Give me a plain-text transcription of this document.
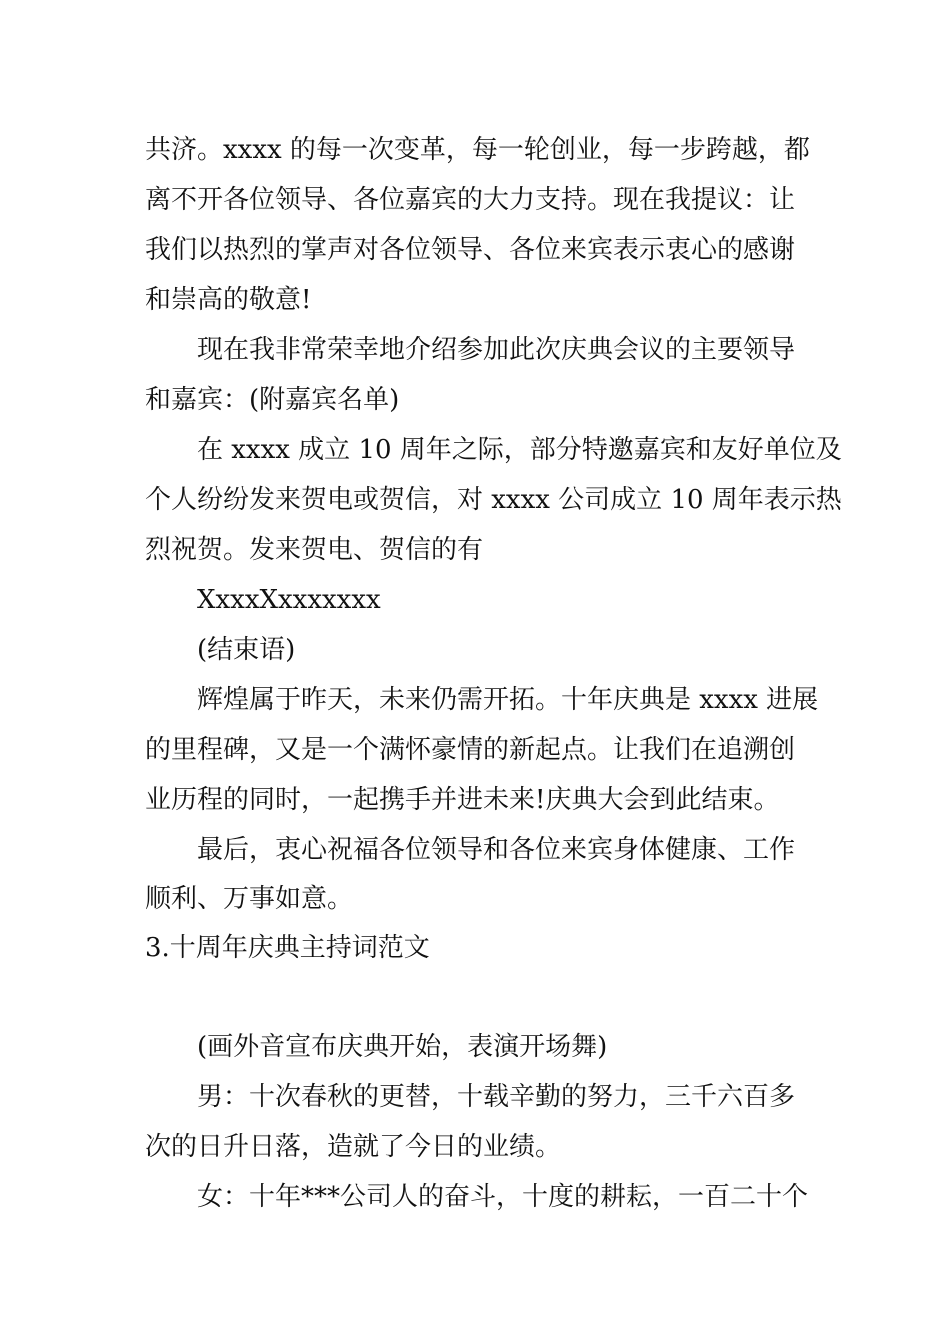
共济。xxxx 的每一次变革，每一轮创业，每一步跨越，都
离不开各位领导、各位嘉宾的大力支持。现在我提议：让
我们以热烈的掌声对各位领导、各位来宾表示衷心的感谢
和崇高的敬意!
现在我非常荣幸地介绍参加此次庆典会议的主要领导
和嘉宾：(附嘉宾名单)
在 xxxx 成立 10 周年之际，部分特邀嘉宾和友好单位及
个人纷纷发来贺电或贺信，对 xxxx 公司成立 10 周年表示热
烈祝贺。发来贺电、贺信的有
XxxxXxxxxxxx
(结束语)
辉煌属于昨天，未来仍需开拓。十年庆典是 xxxx 进展
的里程碑，又是一个满怀豪情的新起点。让我们在追溯创
业历程的同时，一起携手并进未来!庆典大会到此结束。
最后，衷心祝福各位领导和各位来宾身体健康、工作
顺利、万事如意。
3.十周年庆典主持词范文
(画外音宣布庆典开始，表演开场舞)
男：十次春秋的更替，十载辛勤的努力，三千六百多
次的日升日落，造就了今日的业绩。
女：十年***公司人的奋斗，十度的耕耘，一百二十个
